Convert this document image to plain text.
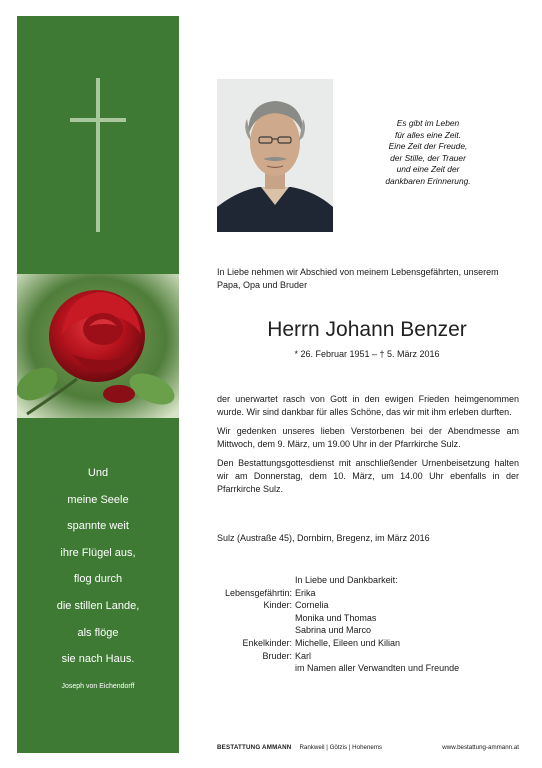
Und
meine Seele
spannte weit
ihre Flügel aus,
flog durch
die stillen Lande,
als flöge
sie nach Haus.
Joseph von Eichendorff
Es gibt im Leben
für alles eine Zeit.
Eine Zeit der Freude,
der Stille, der Trauer
und eine Zeit der
dankbaren Erinnerung.
In Liebe nehmen wir Abschied von meinem Lebensgefährten, unserem Papa, Opa und Bruder
Herrn Johann Benzer
* 26. Februar 1951 – † 5. März 2016

der unerwartet rasch von Gott in den ewigen Frieden heimgenommen wurde. Wir sind dankbar für alles Schöne, das wir mit ihm erleben durften.

Wir gedenken unseres lieben Verstorbenen bei der Abendmesse am Mittwoch, dem 9. März, um 19.00 Uhr in der Pfarrkirche Sulz.

Den Bestattungsgottesdienst mit anschließender Urnenbeisetzung halten wir am Donnerstag, dem 10. März, um 14.00 Uhr ebenfalls in der Pfarrkirche Sulz.

Sulz (Austraße 45), Dornbirn, Bregenz, im März 2016
In Liebe und Dankbarkeit:
Lebensgefährtin: Erika
Kinder: Cornelia
Monika und Thomas
Sabrina und Marco
Enkelkinder: Michelle, Eileen und Kilian
Bruder: Karl
im Namen aller Verwandten und Freunde
BESTATTUNG AMMANN Rankweil | Götzis | Hohenems	www.bestattung-ammann.at
